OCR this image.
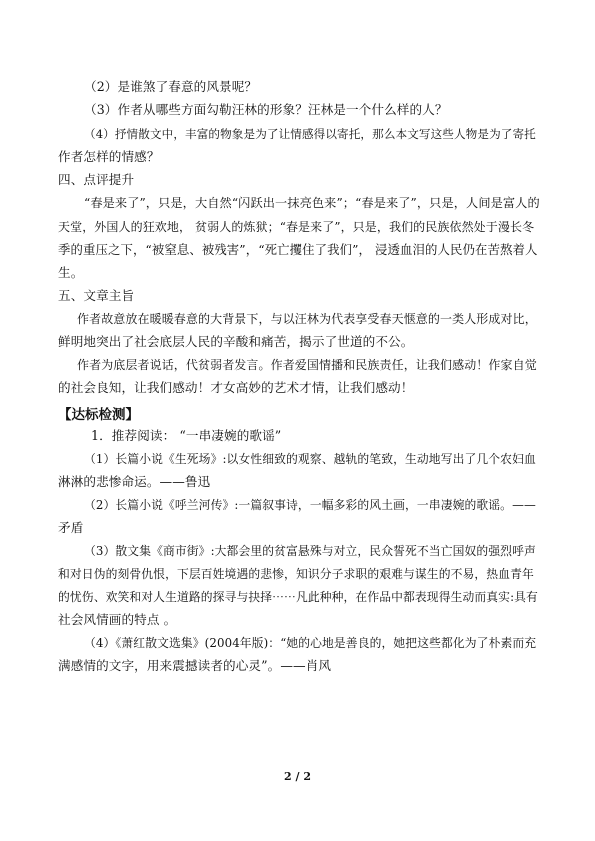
（2）是谁煞了春意的风景呢？
（3）作者从哪些方面勾勒汪林的形象？汪林是一个什么样的人？
（4）抒情散文中，丰富的物象是为了让情感得以寄托，那么本文写这些人物是为了寄托
作者怎样的情感？
四、点评提升
“春是来了”，只是，大自然“闪跃出一抹亮色来”；“春是来了”，只是，人间是富人的
天堂，外国人的狂欢地， 贫弱人的炼狱；“春是来了”，只是，我们的民族依然处于漫长冬
季的重压之下，“被窒息、被残害”，“死亡攫住了我们”， 浸透血泪的人民仍在苦熬着人
生。
五、文章主旨
作者故意放在暖暖春意的大背景下，与以汪林为代表享受春天惬意的一类人形成对比，
鲜明地突出了社会底层人民的辛酸和痛苦，揭示了世道的不公。
作者为底层者说话，代贫弱者发言。作者爱国情播和民族责任，让我们感动！作家自觉
的社会良知，让我们感动！才女高妙的艺术才情，让我们感动！
【达标检测】
1．推荐阅读： “一串凄婉的歌谣”
（1）长篇小说《生死场》:以女性细致的观察、越轨的笔致，生动地写出了几个农妇血
淋淋的悲惨命运。——鲁迅
（2）长篇小说《呼兰河传》:一篇叙事诗，一幅多彩的风土画，一串凄婉的歌谣。——
矛盾
（3）散文集《商市街》:大都会里的贫富悬殊与对立，民众誓死不当亡国奴的强烈呼声
和对日伪的刻骨仇恨，下层百姓境遇的悲惨，知识分子求职的艰难与谋生的不易，热血青年
的忧伤、欢笑和对人生道路的探寻与抉择⋯⋯凡此种种，在作品中都表现得生动而真实:具有
社会风情画的特点 。
（4）《萧红散文选集》(2004年版)：“她的心地是善良的，她把这些都化为了朴素而充
满感情的文字，用来震撼读者的心灵”。——肖风
2 / 2
